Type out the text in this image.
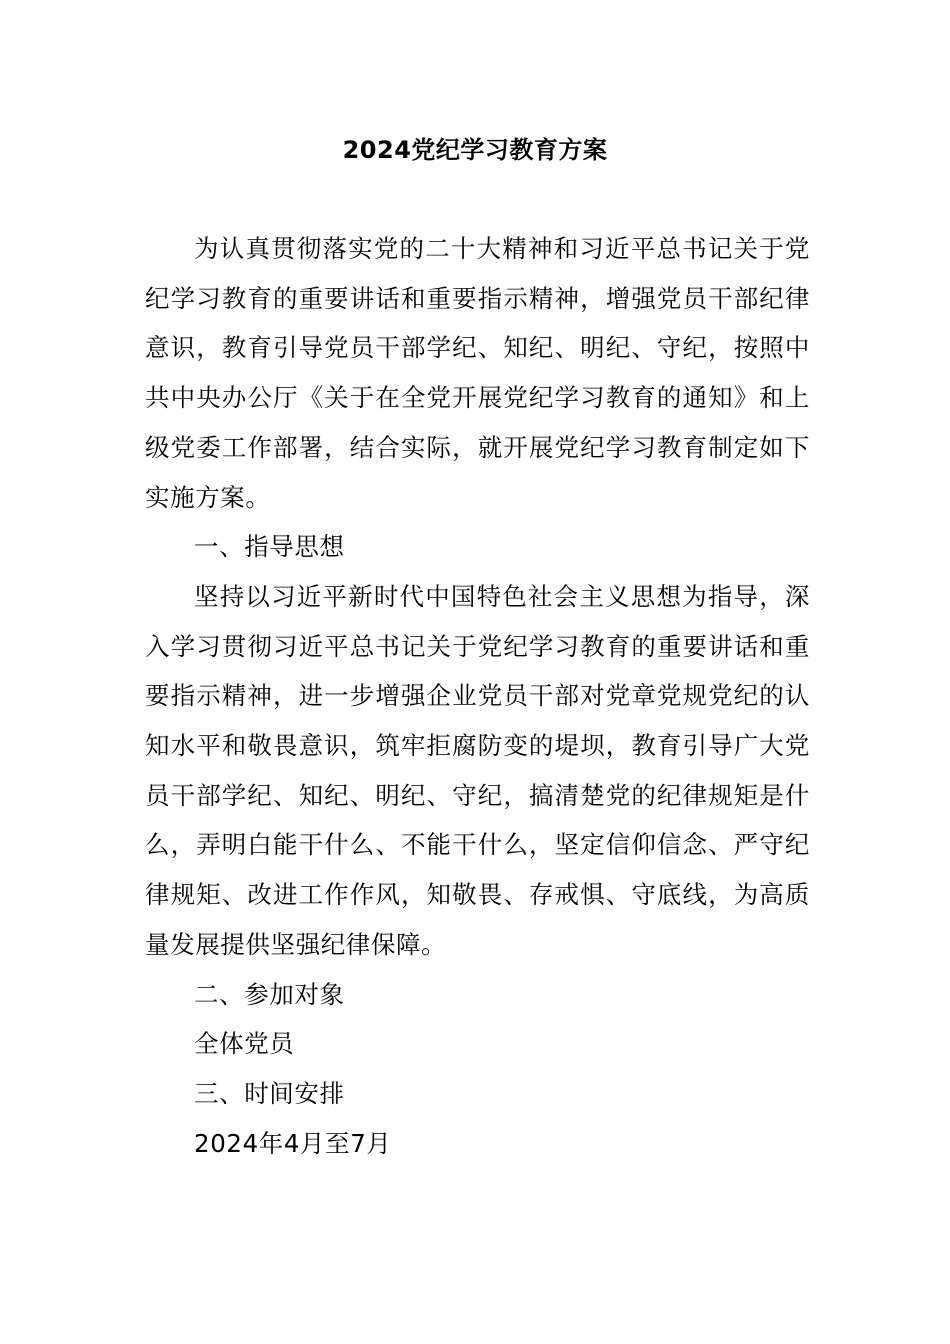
2024党纪学习教育方案

为认真贯彻落实党的二十大精神和习近平总书记关于党纪学习教育的重要讲话和重要指示精神，增强党员干部纪律意识，教育引导党员干部学纪、知纪、明纪、守纪，按照中共中央办公厅《关于在全党开展党纪学习教育的通知》和上级党委工作部署，结合实际，就开展党纪学习教育制定如下实施方案。

一、指导思想

坚持以习近平新时代中国特色社会主义思想为指导，深入学习贯彻习近平总书记关于党纪学习教育的重要讲话和重要指示精神，进一步增强企业党员干部对党章党规党纪的认知水平和敬畏意识，筑牢拒腐防变的堤坝，教育引导广大党员干部学纪、知纪、明纪、守纪，搞清楚党的纪律规矩是什么，弄明白能干什么、不能干什么，坚定信仰信念、严守纪律规矩、改进工作作风，知敬畏、存戒惧、守底线，为高质量发展提供坚强纪律保障。

二、参加对象

全体党员

三、时间安排

2024年4月至7月
